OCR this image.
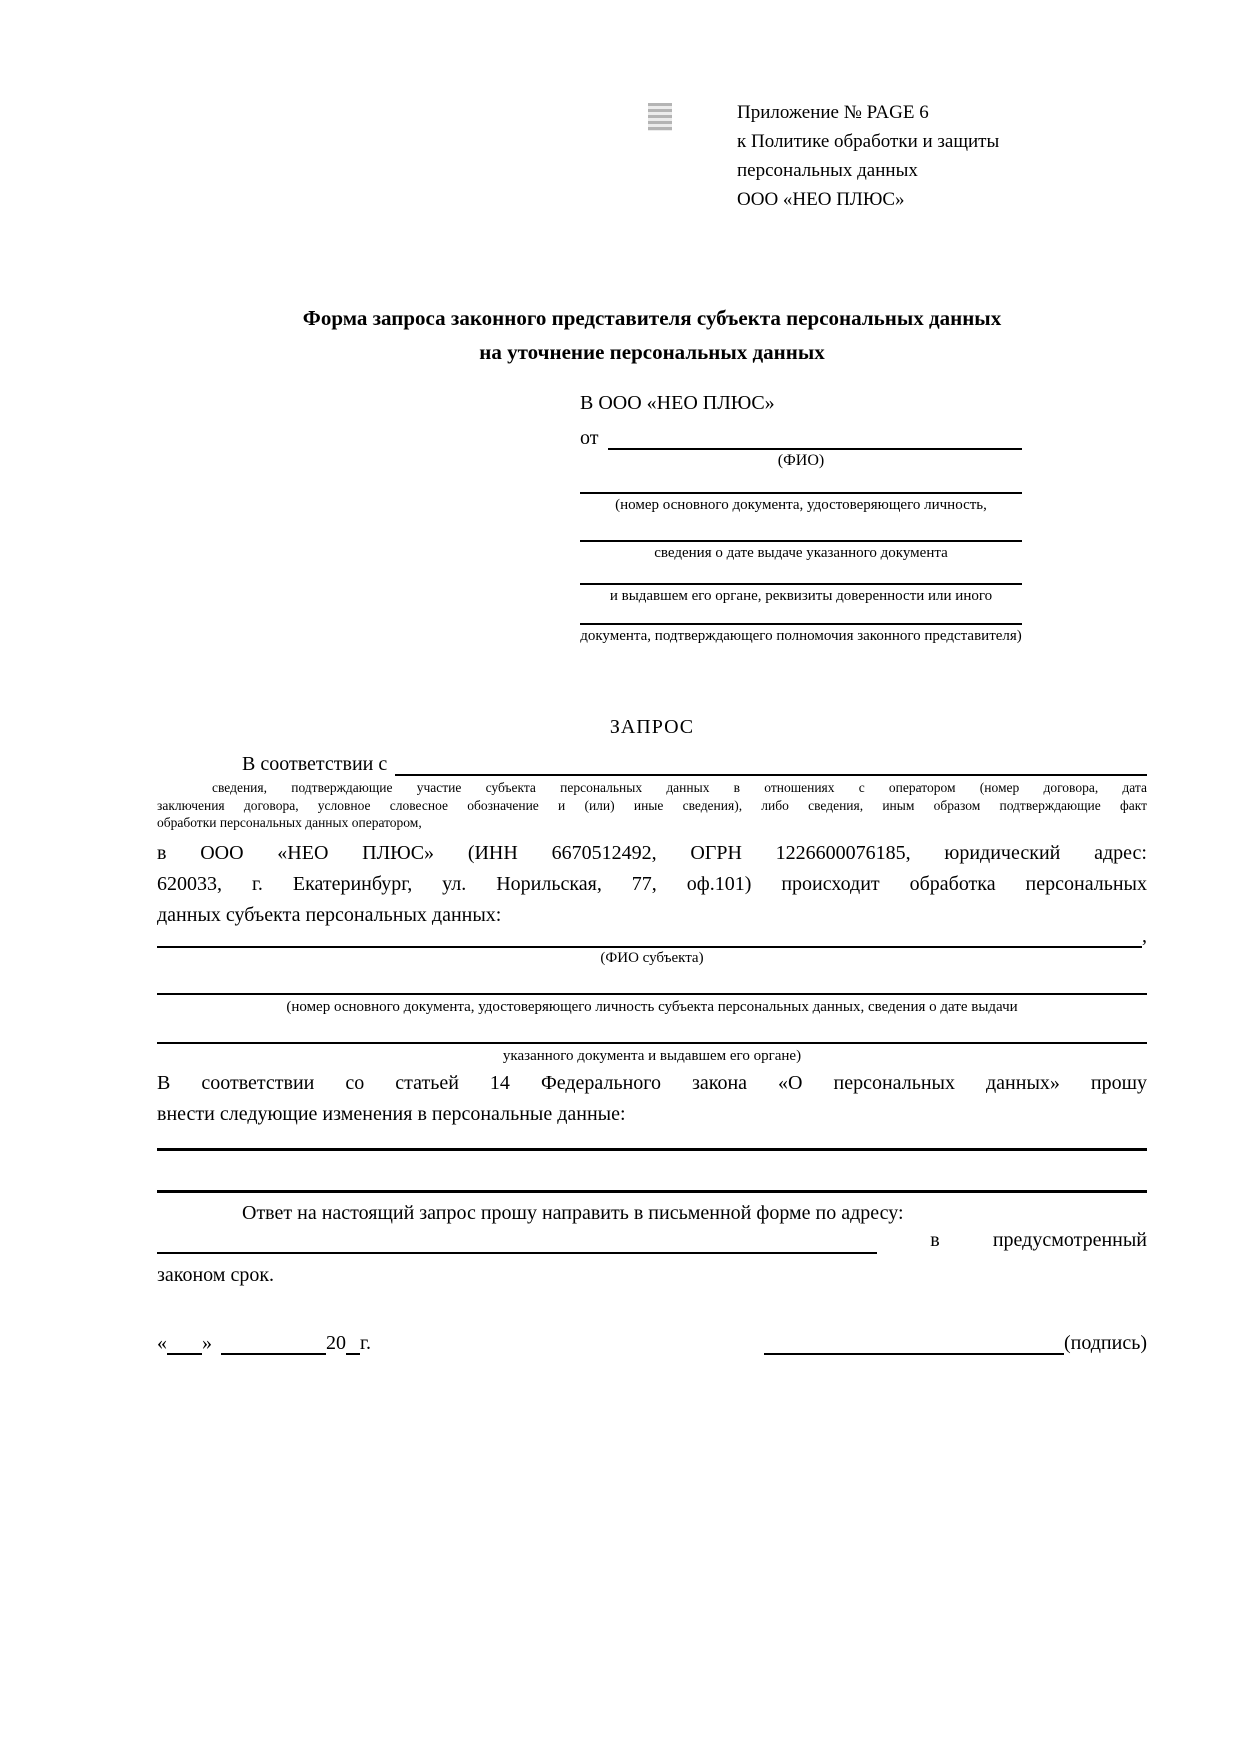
Приложение № PAGE 6
к Политике обработки и защиты
персональных данных
ООО «НЕО ПЛЮС»
Форма запроса законного представителя субъекта персональных данных
на уточнение персональных данных
В ООО «НЕО ПЛЮС»
от
(ФИО)
(номер основного документа, удостоверяющего личность,
сведения о дате выдаче указанного документа
и выдавшем его органе, реквизиты доверенности или иного
документа, подтверждающего полномочия законного представителя)
ЗАПРОС
В соответствии с
сведения, подтверждающие участие субъекта персональных данных в отношениях с оператором (номер договора, дата
заключения договора, условное словесное обозначение и (или) иные сведения), либо сведения, иным образом подтверждающие факт
обработки персональных данных оператором,
в ООО «НЕО ПЛЮС» (ИНН 6670512492, ОГРН 1226600076185, юридический адрес:
620033, г. Екатеринбург, ул. Норильская, 77, оф.101) происходит обработка персональных
данных субъекта персональных данных:
,
(ФИО субъекта)
(номер основного документа, удостоверяющего личность субъекта персональных данных, сведения о дате выдачи
указанного документа и выдавшем его органе)
В соответствии со статьей 14 Федерального закона «О персональных данных» прошу
внести следующие изменения в персональные данные:
Ответ на настоящий запрос прошу направить в письменной форме по адресу:
в	предусмотренный
законом срок.
« »	20 г.	(подпись)
